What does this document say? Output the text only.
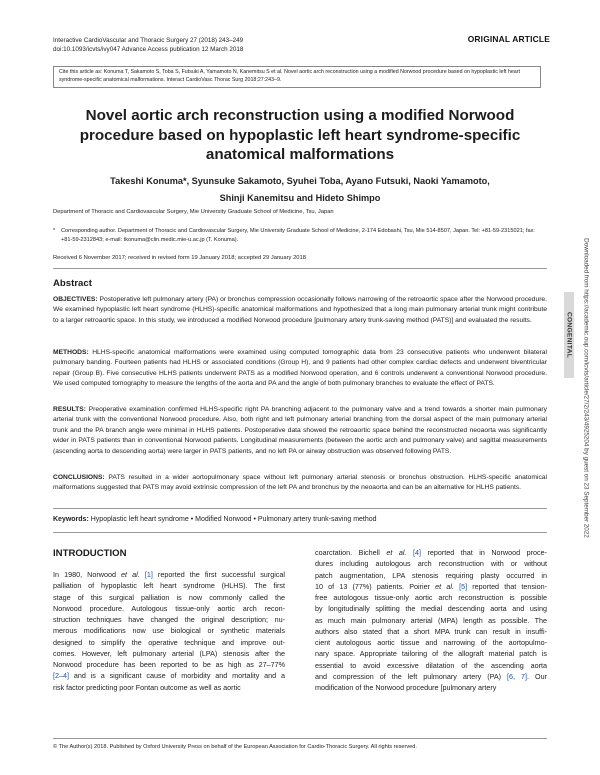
Interactive CardioVascular and Thoracic Surgery 27 (2018) 243–249
doi:10.1093/icvts/ivy047 Advance Access publication 12 March 2018
ORIGINAL ARTICLE
Cite this article as: Konuma T, Sakamoto S, Toba S, Futsuki A, Yamamoto N, Kanemitsu S et al. Novel aortic arch reconstruction using a modified Norwood procedure based on hypoplastic left heart syndrome-specific anatomical malformations. Interact CardioVasc Thorac Surg 2018;27:243–9.
Novel aortic arch reconstruction using a modified Norwood procedure based on hypoplastic left heart syndrome-specific anatomical malformations
Takeshi Konuma*, Syunsuke Sakamoto, Syuhei Toba, Ayano Futsuki, Naoki Yamamoto,
Shinji Kanemitsu and Hideto Shimpo
Department of Thoracic and Cardiovascular Surgery, Mie University Graduate School of Medicine, Tsu, Japan
*	Corresponding author. Department of Thoracic and Cardiovascular Surgery, Mie University Graduate School of Medicine, 2-174 Edobashi, Tsu, Mie 514-8507, Japan. Tel: +81-59-2315021; fax: +81-59-2312843; e-mail: tkonuma@clin.medic.mie-u.ac.jp (T. Konuma).
Received 6 November 2017; received in revised form 19 January 2018; accepted 29 January 2018
Abstract
OBJECTIVES: Postoperative left pulmonary artery (PA) or bronchus compression occasionally follows narrowing of the retroaortic space after the Norwood procedure. We examined hypoplastic left heart syndrome (HLHS)-specific anatomical malformations and hypothesized that a long main pulmonary arterial trunk might contribute to a larger retroaortic space. In this study, we introduced a modified Norwood procedure [pulmonary artery trunk-saving method (PATS)] and evaluated the results.
METHODS: HLHS-specific anatomical malformations were examined using computed tomographic data from 23 consecutive patients who underwent bilateral pulmonary banding. Fourteen patients had HLHS or associated conditions (Group H), and 9 patients had other complex cardiac defects and underwent biventricular repair (Group B). Five consecutive HLHS patients underwent PATS as a modified Norwood operation, and 6 controls underwent a conventional Norwood procedure. We used computed tomography to measure the lengths of the aorta and PA and the angle of both pulmonary branches to evaluate the effect of PATS.
RESULTS: Preoperative examination confirmed HLHS-specific right PA branching adjacent to the pulmonary valve and a trend towards a shorter main pulmonary arterial trunk with the conventional Norwood procedure. Also, both right and left pulmonary arterial branching from the dorsal aspect of the main pulmonary arterial trunk and the PA branch angle were minimal in HLHS patients. Postoperative data showed the retroaortic space behind the reconstructed neoaorta was significantly wider in PATS patients than in conventional Norwood patients. Longitudinal measurements (between the aortic arch and pulmonary valve) and sagittal measurements (ascending aorta to descending aorta) were larger in PATS patients, and no left PA or airway obstruction was observed following PATS.
CONCLUSIONS: PATS resulted in a wider aortopulmonary space without left pulmonary arterial stenosis or bronchus obstruction. HLHS-specific anatomical malformations suggested that PATS may avoid extrinsic compression of the left PA and bronchus by the neoaorta and can be an alternative for HLHS patients.
Keywords: Hypoplastic left heart syndrome • Modified Norwood • Pulmonary artery trunk-saving method
INTRODUCTION
In 1980, Norwood et al. [1] reported the first successful surgical
palliation of hypoplastic left heart syndrome (HLHS). The first
stage of this surgical palliation is now commonly called the
Norwood procedure. Autologous tissue-only aortic arch recon-
struction techniques have changed the original description; nu-
merous modifications now use biological or synthetic materials
designed to simplify the operative technique and improve out-
comes. However, left pulmonary arterial (LPA) stenosis after the
Norwood procedure has been reported to be as high as 27–77%
[2–4] and is a significant cause of morbidity and mortality and a
risk factor predicting poor Fontan outcome as well as aortic
coarctation. Bichell et al. [4] reported that in Norwood proce-
dures including autologous arch reconstruction with or without
patch augmentation, LPA stenosis requiring plasty occurred in
10 of 13 (77%) patients. Poirier et al. [5] reported that tension-
free autologous tissue-only aortic arch reconstruction is possible
by longitudinally splitting the medial descending aorta and using
as much main pulmonary arterial (MPA) length as possible. The
authors also stated that a short MPA trunk can result in insuffi-
cient autologous aortic tissue and narrowing of the aortopulmo-
nary space. Appropriate tailoring of the allograft material patch is
essential to avoid excessive dilatation of the ascending aorta
and compression of the left pulmonary artery (PA) [6, 7]. Our
modification of the Norwood procedure [pulmonary artery
© The Author(s) 2018. Published by Oxford University Press on behalf of the European Association for Cardio-Thoracic Surgery. All rights reserved.
CONGENITAL Downloaded from https://academic.oup.com/icvts/article/27/2/243/4925204 by guest on 23 September 2022
